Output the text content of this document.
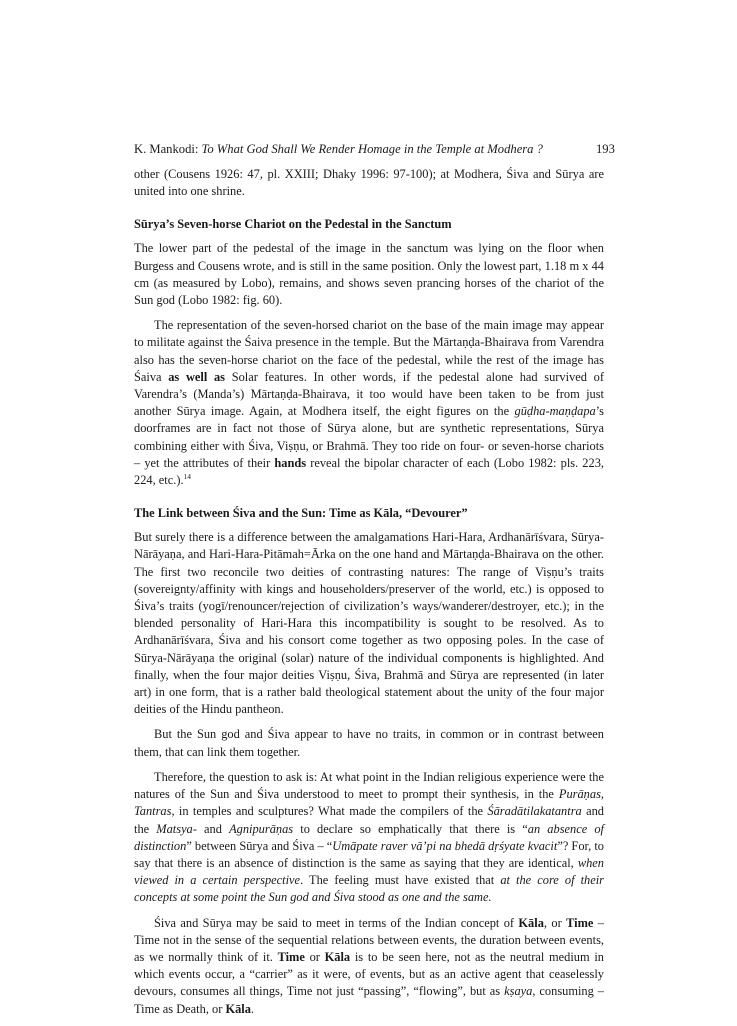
K. Mankodi: To What God Shall We Render Homage in the Temple at Modhera ?	193

other (Cousens 1926: 47, pl. XXIII; Dhaky 1996: 97-100); at Modhera, Śiva and Sūrya are united into one shrine.

Sūrya’s Seven-horse Chariot on the Pedestal in the Sanctum

The lower part of the pedestal of the image in the sanctum was lying on the floor when Burgess and Cousens wrote, and is still in the same position. Only the lowest part, 1.18 m x 44 cm (as measured by Lobo), remains, and shows seven prancing horses of the chariot of the Sun god (Lobo 1982: fig. 60).

The representation of the seven-horsed chariot on the base of the main image may appear to militate against the Śaiva presence in the temple. But the Mārtaṇḍa-Bhairava from Varendra also has the seven-horse chariot on the face of the pedestal, while the rest of the image has Śaiva as well as Solar features. In other words, if the pedestal alone had survived of Varendra’s (Manda’s) Mārtaṇḍa-Bhairava, it too would have been taken to be from just another Sūrya image. Again, at Modhera itself, the eight figures on the gūḍha-maṇḍapa’s doorframes are in fact not those of Sūrya alone, but are synthetic representations, Sūrya combining either with Śiva, Viṣṇu, or Brahmā. They too ride on four- or seven-horse chariots – yet the attributes of their hands reveal the bipolar character of each (Lobo 1982: pls. 223, 224, etc.).$^{14}$

The Link between Śiva and the Sun: Time as Kāla, “Devourer”

But surely there is a difference between the amalgamations Hari-Hara, Ardhanārīśvara, Sūrya-Nārāyaṇa, and Hari-Hara-Pitāmah=Ārka on the one hand and Mārtaṇḍa-Bhairava on the other. The first two reconcile two deities of contrasting natures: The range of Viṣṇu’s traits (sovereignty/affinity with kings and householders/preserver of the world, etc.) is opposed to Śiva’s traits (yogī/renouncer/rejection of civilization’s ways/wanderer/destroyer, etc.); in the blended personality of Hari-Hara this incompatibility is sought to be resolved. As to Ardhanārīśvara, Śiva and his consort come together as two opposing poles. In the case of Sūrya-Nārāyaṇa the original (solar) nature of the individual components is highlighted. And finally, when the four major deities Viṣṇu, Śiva, Brahmā and Sūrya are represented (in later art) in one form, that is a rather bald theological statement about the unity of the four major deities of the Hindu pantheon.

But the Sun god and Śiva appear to have no traits, in common or in contrast between them, that can link them together.

Therefore, the question to ask is: At what point in the Indian religious experience were the natures of the Sun and Śiva understood to meet to prompt their synthesis, in the Purāṇas, Tantras, in temples and sculptures? What made the compilers of the Śāradātilakatantra and the Matsya- and Agnipurāṇas to declare so emphatically that there is “an absence of distinction” between Sūrya and Śiva – “Umāpate raver vā’pi na bhedā dṛśyate kvacit”? For, to say that there is an absence of distinction is the same as saying that they are identical, when viewed in a certain perspective. The feeling must have existed that at the core of their concepts at some point the Sun god and Śiva stood as one and the same.

Śiva and Sūrya may be said to meet in terms of the Indian concept of Kāla, or Time – Time not in the sense of the sequential relations between events, the duration between events, as we normally think of it. Time or Kāla is to be seen here, not as the neutral medium in which events occur, a “carrier” as it were, of events, but as an active agent that ceaselessly devours, consumes all things, Time not just “passing”, “flowing”, but as kṣaya, consuming – Time as Death, or Kāla.
